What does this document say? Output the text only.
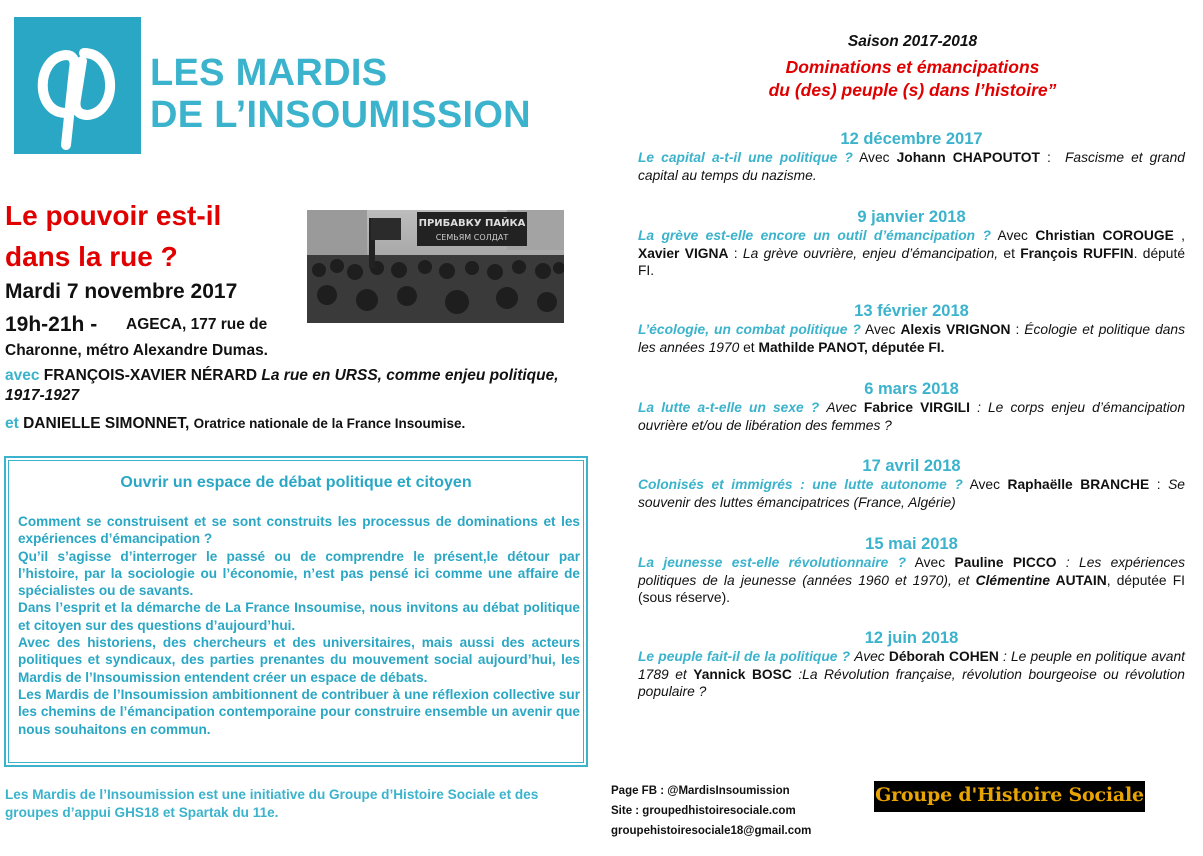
LES MARDIS
DE L’INSOUMISSION
Le pouvoir est-il
dans la rue ?
ПРИБАВКУ ПАЙКА
СЕМЬЯМ СОЛДАТ
Mardi 7 novembre 2017
19h-21h - AGECA, 177 rue de
Charonne, métro Alexandre Dumas.
avec FRANÇOIS-XAVIER NÉRARD La rue en URSS, comme enjeu politique, 1917-1927
et DANIELLE SIMONNET, Oratrice nationale de la France Insoumise.
Ouvrir un espace de débat politique et citoyen

Comment se construisent et se sont construits les processus de dominations et les expériences d’émancipation ?

Qu’il s’agisse d’interroger le passé ou de comprendre le présent,le détour par l’histoire, par la sociologie ou l’économie, n’est pas pensé ici comme une affaire de spécialistes ou de savants.

Dans l’esprit et la démarche de La France Insoumise, nous invitons au débat politique et citoyen sur des questions d’aujourd’hui.

Avec des historiens, des chercheurs et des universitaires, mais aussi des acteurs politiques et syndicaux, des parties prenantes du mouvement social aujourd’hui, les Mardis de l’Insoumission entendent créer un espace de débats.

Les Mardis de l’Insoumission ambitionnent de contribuer à une réflexion collective sur les chemins de l’émancipation contemporaine pour construire ensemble un avenir que nous souhaitons en commun.

Les Mardis de l’Insoumission est une initiative du Groupe d’Histoire Sociale et des groupes d’appui GHS18 et Spartak du 11e.
Saison 2017-2018
Dominations et émancipations
du (des) peuple (s) dans l’histoire”
12 décembre 2017
Le capital a-t-il une politique ? Avec Johann CHAPOUTOT :  Fascisme et grand capital au temps du nazisme.
9 janvier 2018
La grève est-elle encore un outil d’émancipation ? Avec Christian COROUGE , Xavier VIGNA : La grève ouvrière, enjeu d’émancipation, et François RUFFIN. député FI.
13 février 2018
L’écologie, un combat politique ? Avec Alexis VRIGNON : Écologie et politique dans les années 1970 et Mathilde PANOT, députée FI.
6 mars 2018
La lutte a-t-elle un sexe ? Avec Fabrice VIRGILI : Le corps enjeu d’émancipation ouvrière et/ou de libération des femmes ?
17 avril 2018
Colonisés et immigrés : une lutte autonome ? Avec Raphaëlle BRANCHE : Se souvenir des luttes émancipatrices (France, Algérie)
15 mai 2018
La jeunesse est-elle révolutionnaire ? Avec Pauline PICCO : Les expériences politiques de la jeunesse (années 1960 et 1970), et Clémentine AUTAIN, députée FI (sous réserve).
12 juin 2018
Le peuple fait-il de la politique ? Avec Déborah COHEN : Le peuple en politique avant 1789 et Yannick BOSC :La Révolution française, révolution bourgeoise ou révolution populaire ?
Page FB : @MardisInsoumission
Site : groupedhistoiresociale.com
groupehistoiresociale18@gmail.com
Groupe d'Histoire Sociale
